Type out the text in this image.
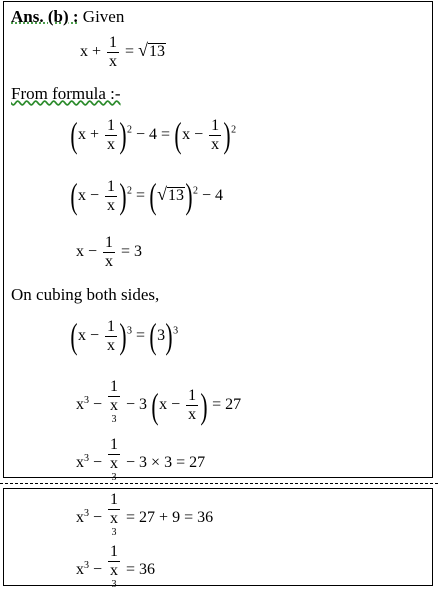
Ans. (b) : Given
$x + \frac{1}{x} = √13$
From formula :-
$(x + \frac{1}{x} )^2 - 4 = (x - \frac{1}{x} )^2$
$(x - \frac{1}{x} )^2 = (√13)^2 - 4$
$x - \frac{1}{x} = 3$
On cubing both sides,
$(x - \frac{1}{x} )^3 = (3)^3$
$x^3 - 1$
x
$^3$ − 3 ($x - \frac{1}{x}$ ) = 27
$x^3 - 1$
x
$^3$ − 3 × 3 = 27
$x^3 - 1$
x
$^3$ = 27 + 9 = 36
$x^3 - 1$
x
$^3$ = 36
